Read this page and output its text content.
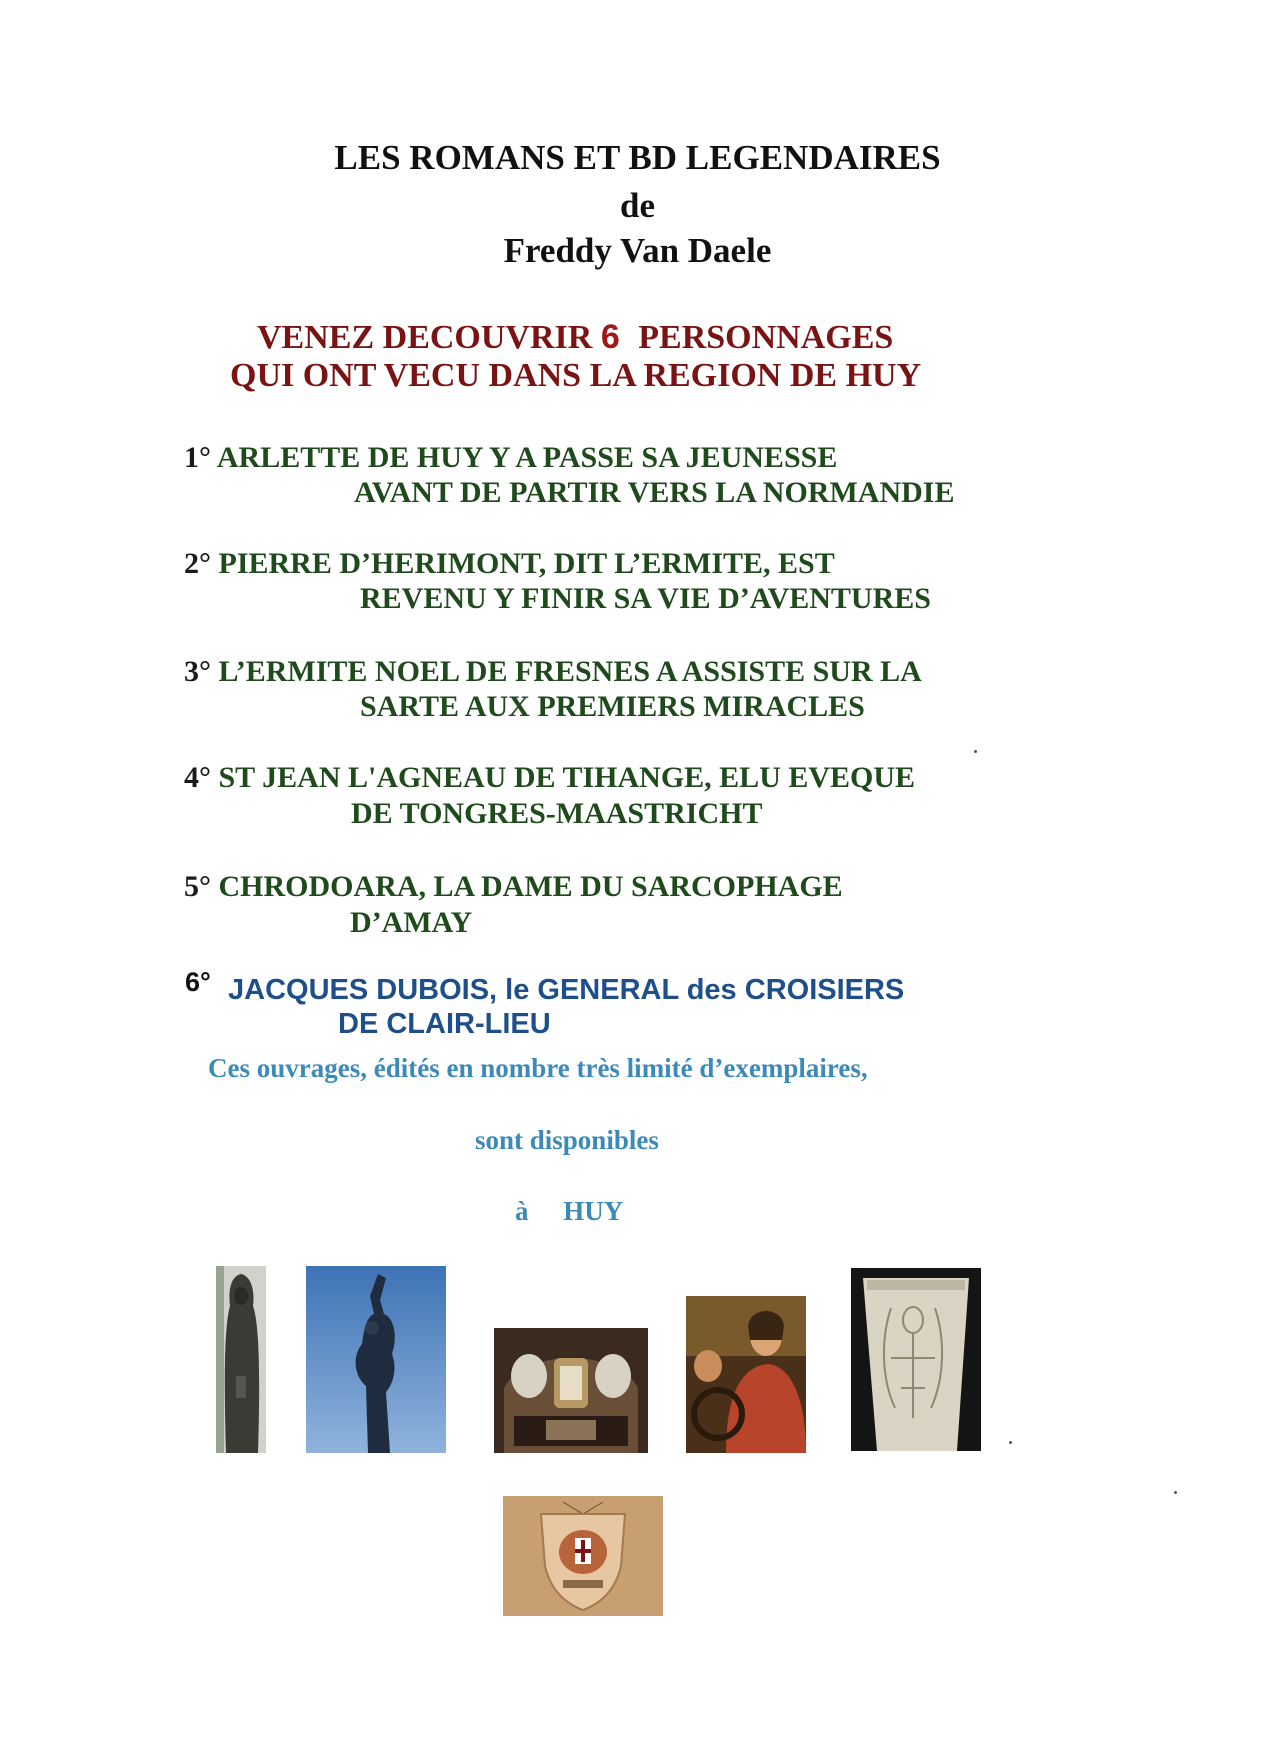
LES ROMANS ET BD LEGENDAIRES
de
Freddy Van Daele
VENEZ DECOUVRIR 6 PERSONNAGES
QUI ONT VECU DANS LA REGION DE HUY
1° ARLETTE DE HUY Y A PASSE SA JEUNESSE
AVANT DE PARTIR VERS LA NORMANDIE
2° PIERRE D’HERIMONT, DIT L’ERMITE, EST
REVENU Y FINIR SA VIE D’AVENTURES
3° L’ERMITE NOEL DE FRESNES A ASSISTE SUR LA
SARTE AUX PREMIERS MIRACLES
4° ST JEAN L'AGNEAU DE TIHANGE, ELU EVEQUE
DE TONGRES-MAASTRICHT
5° CHRODOARA, LA DAME DU SARCOPHAGE
D’AMAY
6° JACQUES DUBOIS, le GENERAL des CROISIERS
DE CLAIR-LIEU
Ces ouvrages, édités en nombre très limité d’exemplaires,
sont disponibles
à HUY
